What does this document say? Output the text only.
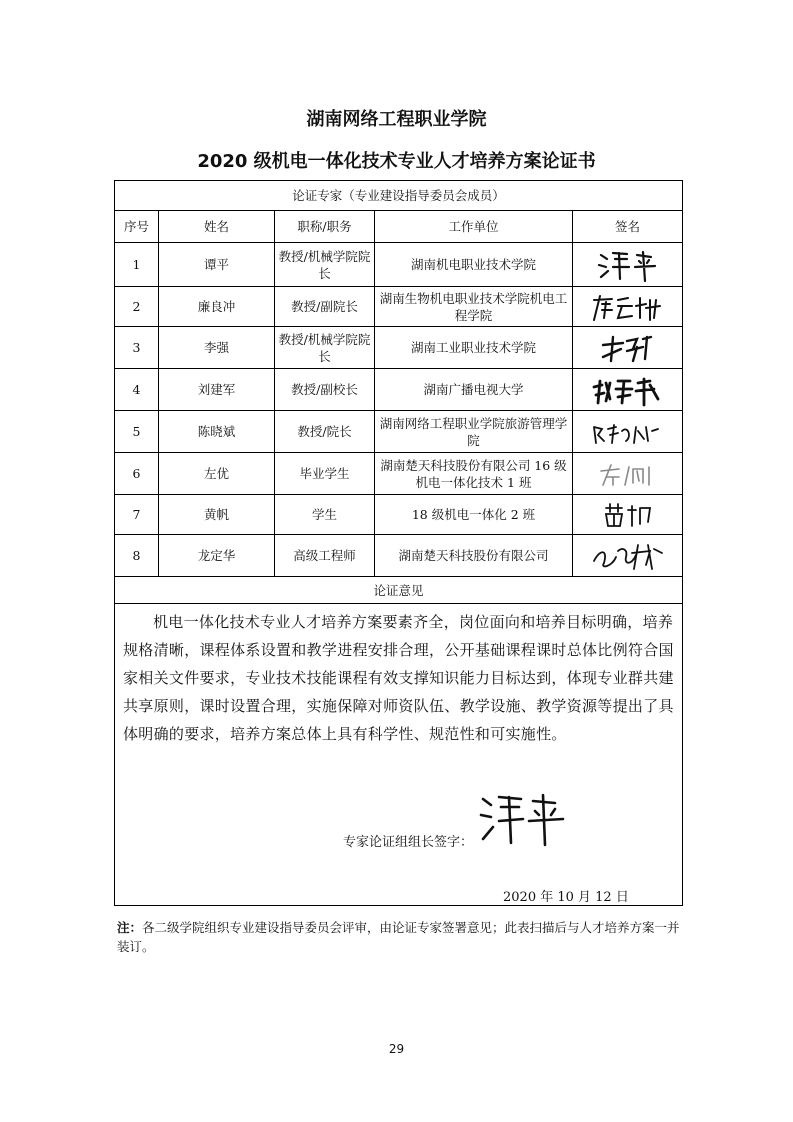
湖南网络工程职业学院
2020 级机电一体化技术专业人才培养方案论证书
论证专家（专业建设指导委员会成员）				
序号	姓名	职称/职务	工作单位	签名
1	谭平	教授/机械学院院长	湖南机电职业技术学院	

2	廉良冲	教授/副院长	湖南生物机电职业技术学院机电工程学院	

3	李强	教授/机械学院院长	湖南工业职业技术学院	

4	刘建军	教授/副校长	湖南广播电视大学	

5	陈晓斌	教授/院长	湖南网络工程职业学院旅游管理学院	

6	左优	毕业学生	湖南楚天科技股份有限公司 16 级机电一体化技术 1 班	

7	黄帆	学生	18 级机电一体化 2 班	

8	龙定华	高级工程师	湖南楚天科技股份有限公司	

论证意见				

机电一体化技术专业人才培养方案要素齐全，岗位面向和培养目标明确，培养规格清晰，课程体系设置和教学进程安排合理，公开基础课程课时总体比例符合国家相关文件要求，专业技术技能课程有效支撑知识能力目标达到，体现专业群共建共享原则，课时设置合理，实施保障对师资队伍、教学设施、教学资源等提出了具体明确的要求，培养方案总体上具有科学性、规范性和可实施性。
专家论证组组长签字：
2020 年 10 月 12 日				
注：各二级学院组织专业建设指导委员会评审，由论证专家签署意见；此表扫描后与人才培养方案一并装订。
29
